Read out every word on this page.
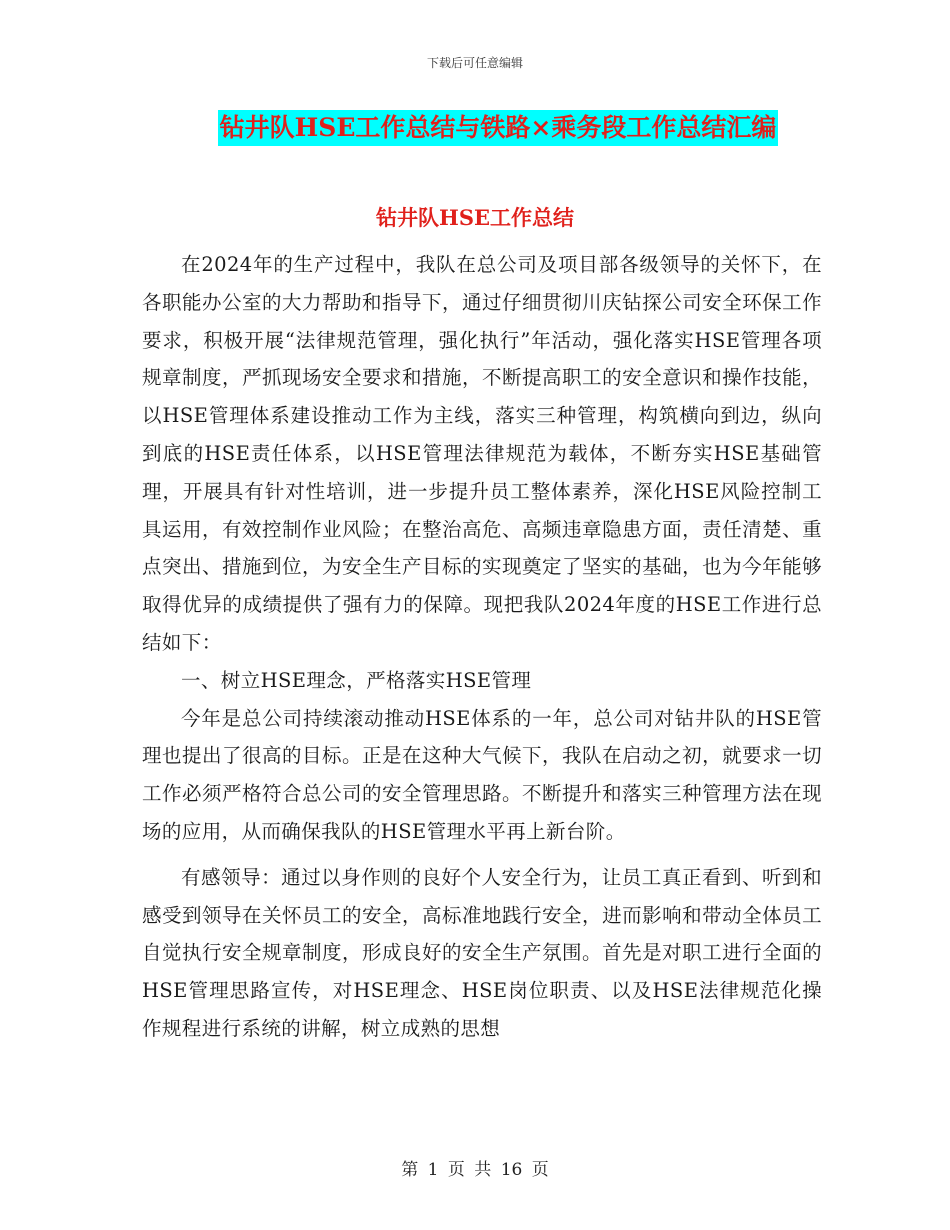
下载后可任意编辑
钻井队HSE工作总结与铁路×乘务段工作总结汇编
钻井队HSE工作总结

在2024年的生产过程中，我队在总公司及项目部各级领导的关怀下，在各职能办公室的大力帮助和指导下，通过仔细贯彻川庆钻探公司安全环保工作要求，积极开展“法律规范管理，强化执行”年活动，强化落实HSE管理各项规章制度，严抓现场安全要求和措施，不断提高职工的安全意识和操作技能，以HSE管理体系建设推动工作为主线，落实三种管理，构筑横向到边，纵向到底的HSE责任体系，以HSE管理法律规范为载体，不断夯实HSE基础管理，开展具有针对性培训，进一步提升员工整体素养，深化HSE风险控制工具运用，有效控制作业风险；在整治高危、高频违章隐患方面，责任清楚、重点突出、措施到位，为安全生产目标的实现奠定了坚实的基础，也为今年能够取得优异的成绩提供了强有力的保障。现把我队2024年度的HSE工作进行总结如下：

一、树立HSE理念，严格落实HSE管理

今年是总公司持续滚动推动HSE体系的一年，总公司对钻井队的HSE管理也提出了很高的目标。正是在这种大气候下，我队在启动之初，就要求一切工作必须严格符合总公司的安全管理思路。不断提升和落实三种管理方法在现场的应用，从而确保我队的HSE管理水平再上新台阶。

有感领导：通过以身作则的良好个人安全行为，让员工真正看到、听到和感受到领导在关怀员工的安全，高标准地践行安全，进而影响和带动全体员工自觉执行安全规章制度，形成良好的安全生产氛围。首先是对职工进行全面的HSE管理思路宣传，对HSE理念、HSE岗位职责、以及HSE法律规范化操作规程进行系统的讲解，树立成熟的思想

第 1 页 共 16 页
